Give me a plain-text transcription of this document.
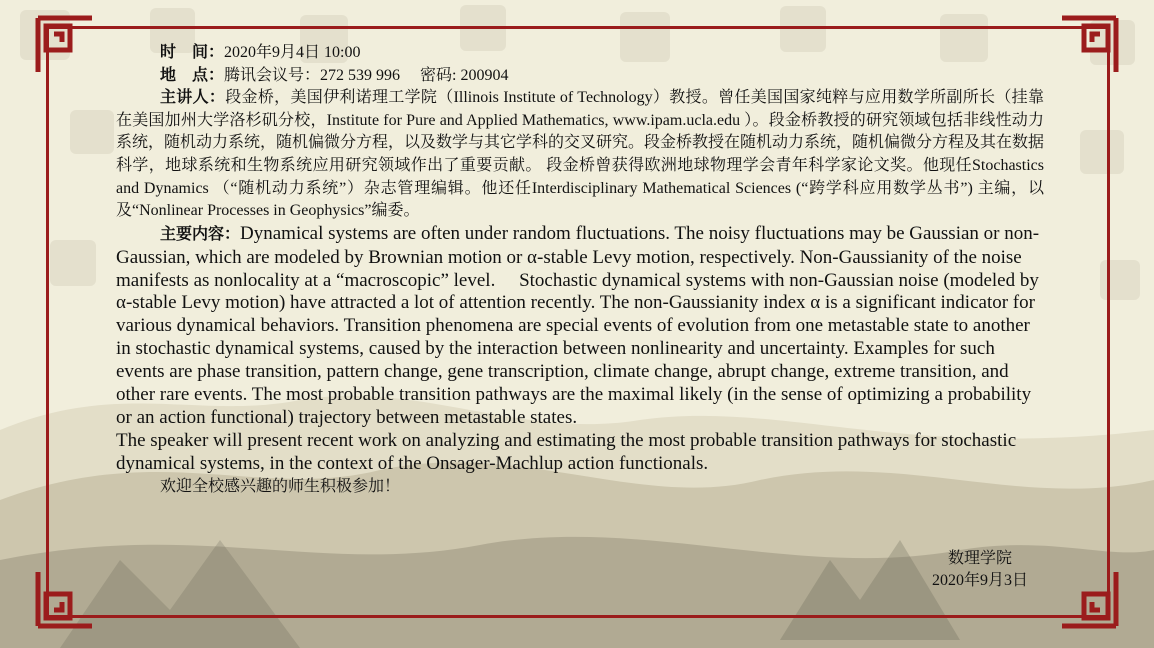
时　间：2020年9月4日 10:00

地　点：腾讯会议号：272 539 996　 密码: 200904

主讲人：段金桥，美国伊利诺理工学院（Illinois Institute of Technology）教授。曾任美国国家纯粹与应用数学所副所长（挂靠在美国加州大学洛杉矶分校，Institute for Pure and Applied Mathematics, www.ipam.ucla.edu ）。段金桥教授的研究领域包括非线性动力系统，随机动力系统，随机偏微分方程，以及数学与其它学科的交叉研究。段金桥教授在随机动力系统，随机偏微分方程及其在数据科学，地球系统和生物系统应用研究领域作出了重要贡献。 段金桥曾获得欧洲地球物理学会青年科学家论文奖。他现任Stochastics and Dynamics （“随机动力系统”）杂志管理编辑。他还任Interdisciplinary Mathematical Sciences (“跨学科应用数学丛书”) 主编，以及“Nonlinear Processes in Geophysics”编委。

主要内容：Dynamical systems are often under random fluctuations. The noisy fluctuations may be Gaussian or non-Gaussian, which are modeled by Brownian motion or α-stable Levy motion, respectively. Non-Gaussianity of the noise manifests as nonlocality at a “macroscopic” level.　 Stochastic dynamical systems with non-Gaussian noise (modeled by α-stable Levy motion) have attracted a lot of attention recently. The non-Gaussianity index α is a significant indicator for various dynamical behaviors. Transition phenomena are special events of evolution from one metastable state to another in stochastic dynamical systems, caused by the interaction between nonlinearity and uncertainty. Examples for such events are phase transition, pattern change, gene transcription, climate change, abrupt change, extreme transition, and other rare events. The most probable transition pathways are the maximal likely (in the sense of optimizing a probability or an action functional) trajectory between metastable states.

The speaker will present recent work on analyzing and estimating the most probable transition pathways for stochastic dynamical systems, in the context of the Onsager-Machlup action functionals.

欢迎全校感兴趣的师生积极参加！

数理学院
2020年9月3日
